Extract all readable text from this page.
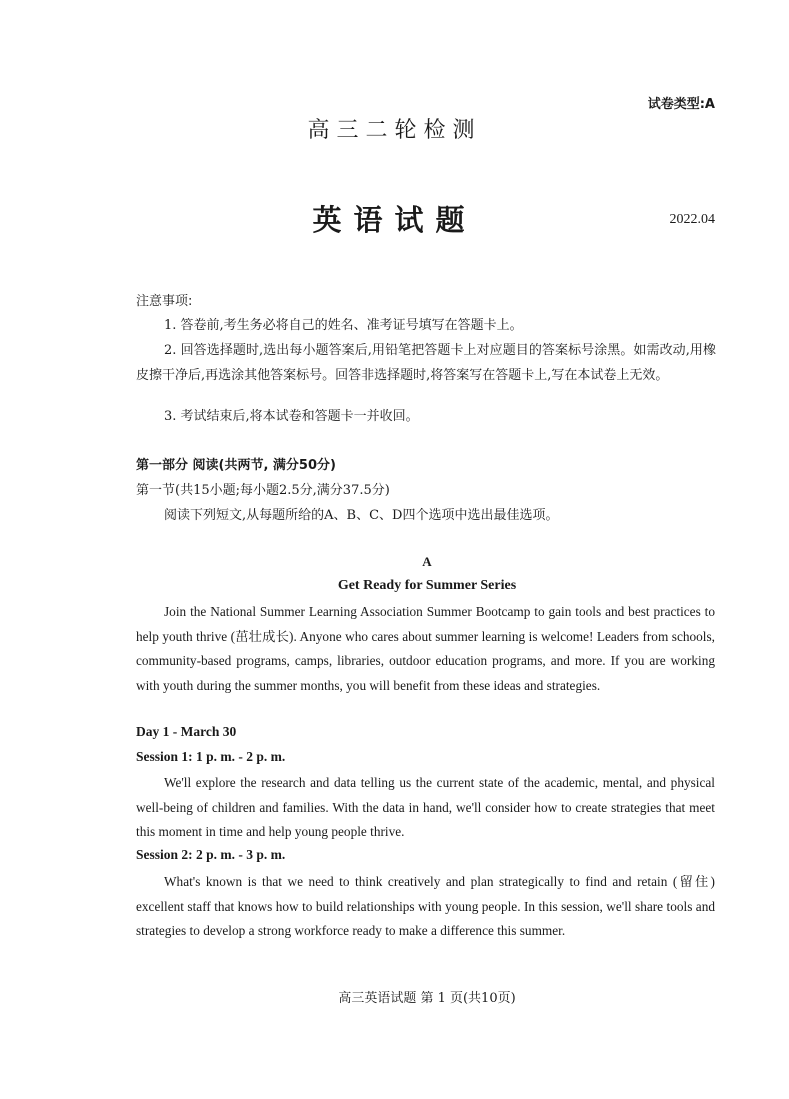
试卷类型:A
高三二轮检测
英语试题	2022.04
注意事项:
1. 答卷前,考生务必将自己的姓名、准考证号填写在答题卡上。
2. 回答选择题时,选出每小题答案后,用铅笔把答题卡上对应题目的答案标号涂黑。如需改动,用橡皮擦干净后,再选涂其他答案标号。回答非选择题时,将答案写在答题卡上,写在本试卷上无效。
3. 考试结束后,将本试卷和答题卡一并收回。
第一部分 阅读(共两节, 满分50分)
第一节(共15小题;每小题2.5分,满分37.5分)
阅读下列短文,从每题所给的A、B、C、D四个选项中选出最佳选项。
A
Get Ready for Summer Series
Join the National Summer Learning Association Summer Bootcamp to gain tools and best practices to help youth thrive (茁壮成长). Anyone who cares about summer learning is welcome! Leaders from schools, community-based programs, camps, libraries, outdoor education programs, and more. If you are working with youth during the summer months, you will benefit from these ideas and strategies.
Day 1 - March 30
Session 1: 1 p. m. - 2 p. m.
We'll explore the research and data telling us the current state of the academic, mental, and physical well-being of children and families. With the data in hand, we'll consider how to create strategies that meet this moment in time and help young people thrive.
Session 2: 2 p. m. - 3 p. m.
What's known is that we need to think creatively and plan strategically to find and retain (留住) excellent staff that knows how to build relationships with young people. In this session, we'll share tools and strategies to develop a strong workforce ready to make a difference this summer.
高三英语试题 第 1 页(共10页)
